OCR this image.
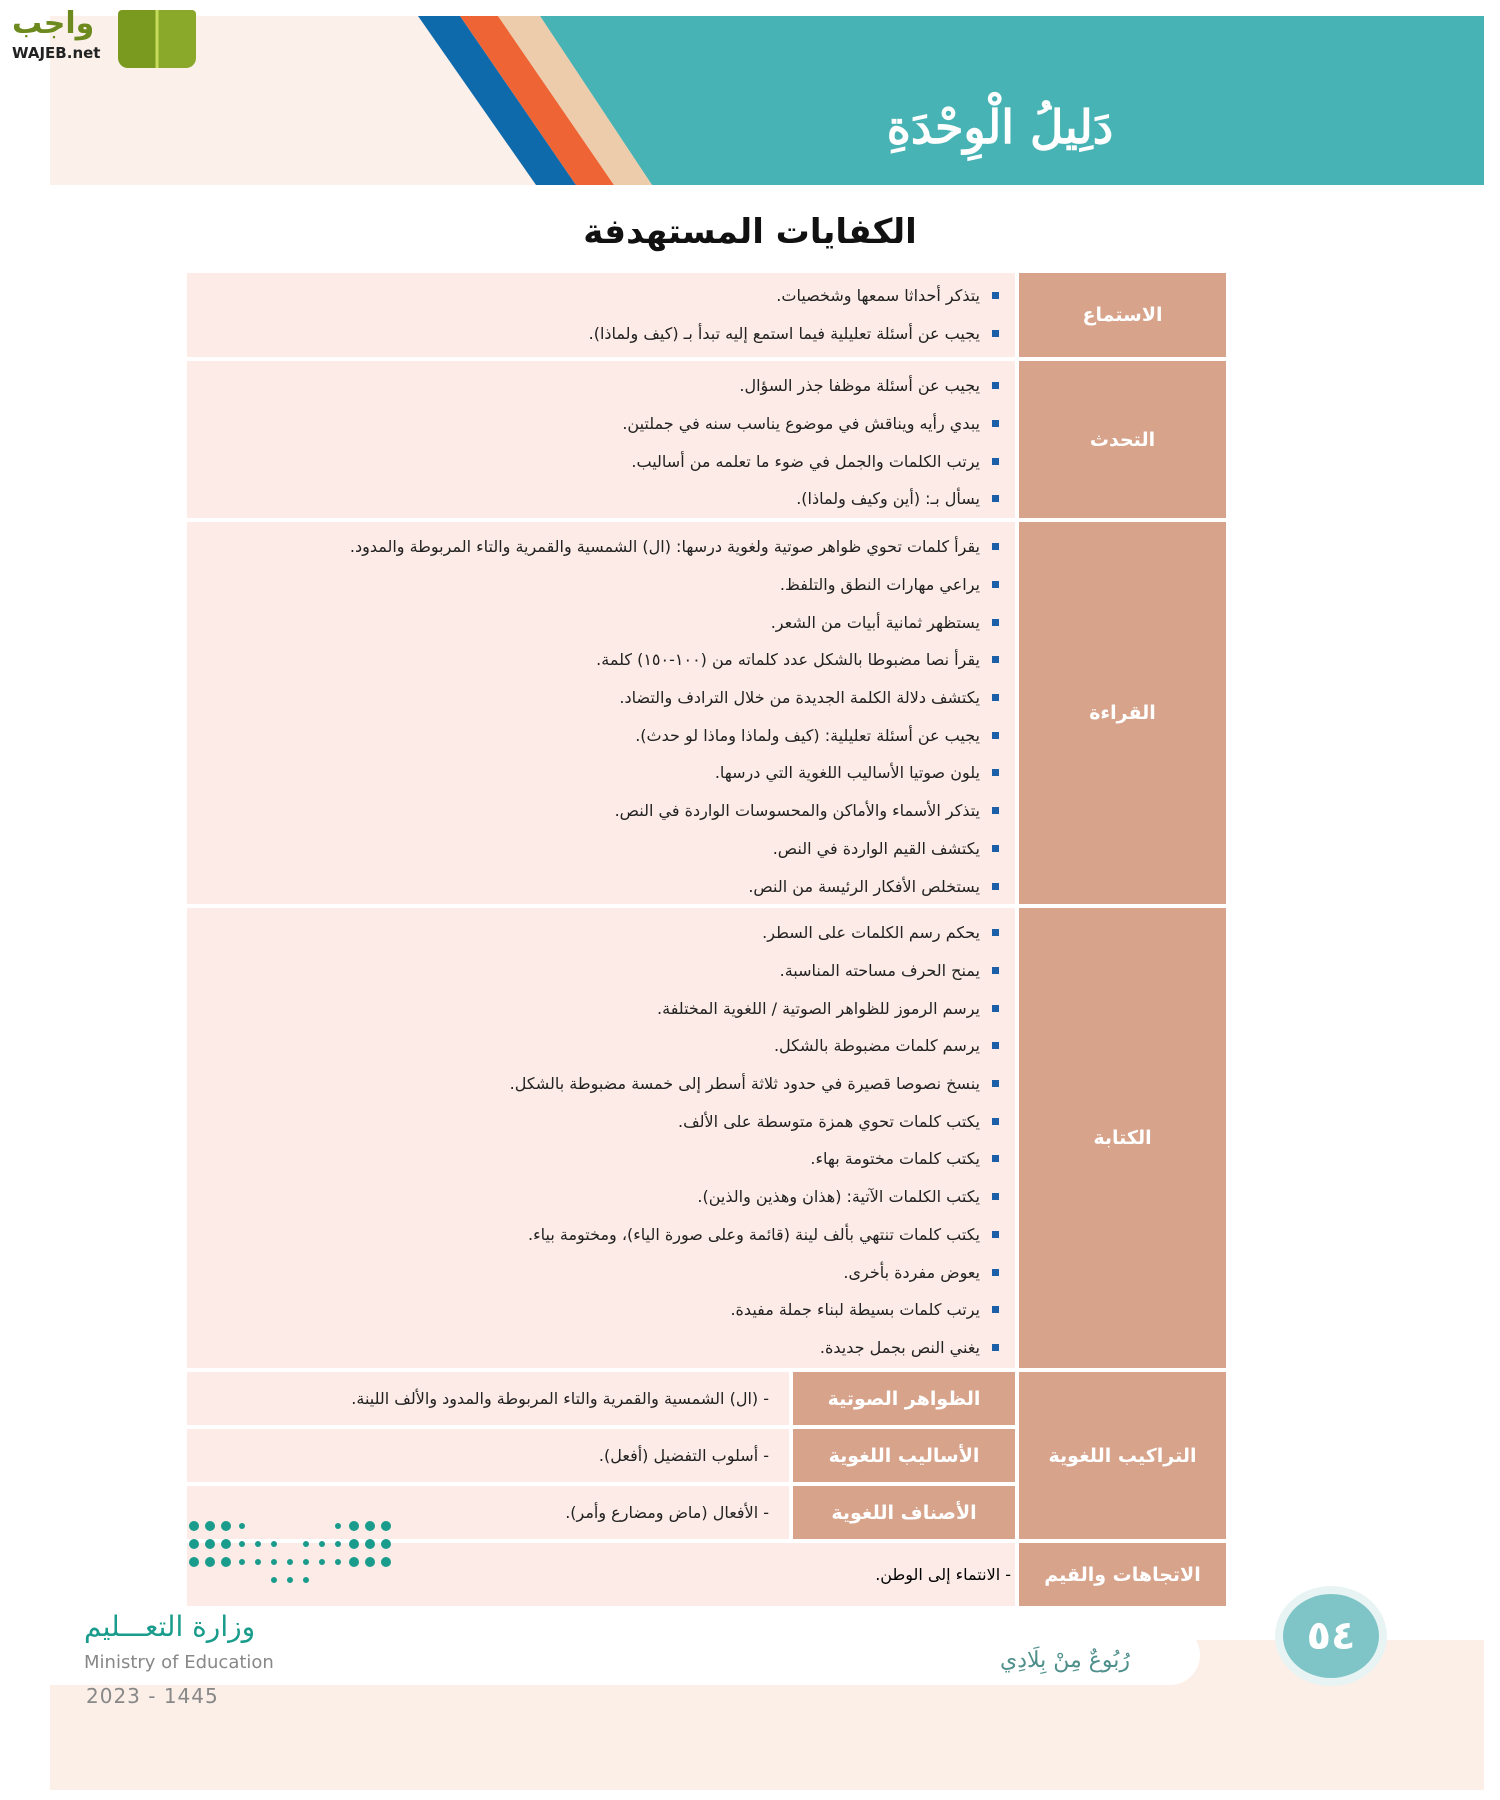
دَلِيلُ الْوِحْدَةِ
واجب
WAJEB.net
الكفايات المستهدفة
الاستماع
يتذكر أحداثا سمعها وشخصيات.
يجيب عن أسئلة تعليلية فيما استمع إليه تبدأ بـ (كيف ولماذا).
التحدث
يجيب عن أسئلة موظفا جذر السؤال.
يبدي رأيه ويناقش في موضوع يناسب سنه في جملتين.
يرتب الكلمات والجمل في ضوء ما تعلمه من أساليب.
يسأل بـ: (أين وكيف ولماذا).
القراءة
يقرأ كلمات تحوي ظواهر صوتية ولغوية درسها: (ال) الشمسية والقمرية والتاء المربوطة والمدود.
يراعي مهارات النطق والتلفظ.
يستظهر ثمانية أبيات من الشعر.
يقرأ نصا مضبوطا بالشكل عدد كلماته من (١٠٠-١٥٠) كلمة.
يكتشف دلالة الكلمة الجديدة من خلال الترادف والتضاد.
يجيب عن أسئلة تعليلية: (كيف ولماذا وماذا لو حدث).
يلون صوتيا الأساليب اللغوية التي درسها.
يتذكر الأسماء والأماكن والمحسوسات الواردة في النص.
يكتشف القيم الواردة في النص.
يستخلص الأفكار الرئيسة من النص.
الكتابة
يحكم رسم الكلمات على السطر.
يمنح الحرف مساحته المناسبة.
يرسم الرموز للظواهر الصوتية / اللغوية المختلفة.
يرسم كلمات مضبوطة بالشكل.
ينسخ نصوصا قصيرة في حدود ثلاثة أسطر إلى خمسة مضبوطة بالشكل.
يكتب كلمات تحوي همزة متوسطة على الألف.
يكتب كلمات مختومة بهاء.
يكتب الكلمات الآتية: (هذان وهذين والذين).
يكتب كلمات تنتهي بألف لينة (قائمة وعلى صورة الياء)، ومختومة بياء.
يعوض مفردة بأخرى.
يرتب كلمات بسيطة لبناء جملة مفيدة.
يغني النص بجمل جديدة.
التراكيب اللغوية
الظواهر الصوتية
- (ال) الشمسية والقمرية والتاء المربوطة والمدود والألف اللينة.
الأساليب اللغوية
- أسلوب التفضيل (أفعل).
الأصناف اللغوية
- الأفعال (ماض ومضارع وأمر).
الاتجاهات والقيم
- الانتماء إلى الوطن.
رُبُوعٌ مِنْ بِلَادِي
٥٤
وزارة التعـــليم
Ministry of Education
2023 - 1445
